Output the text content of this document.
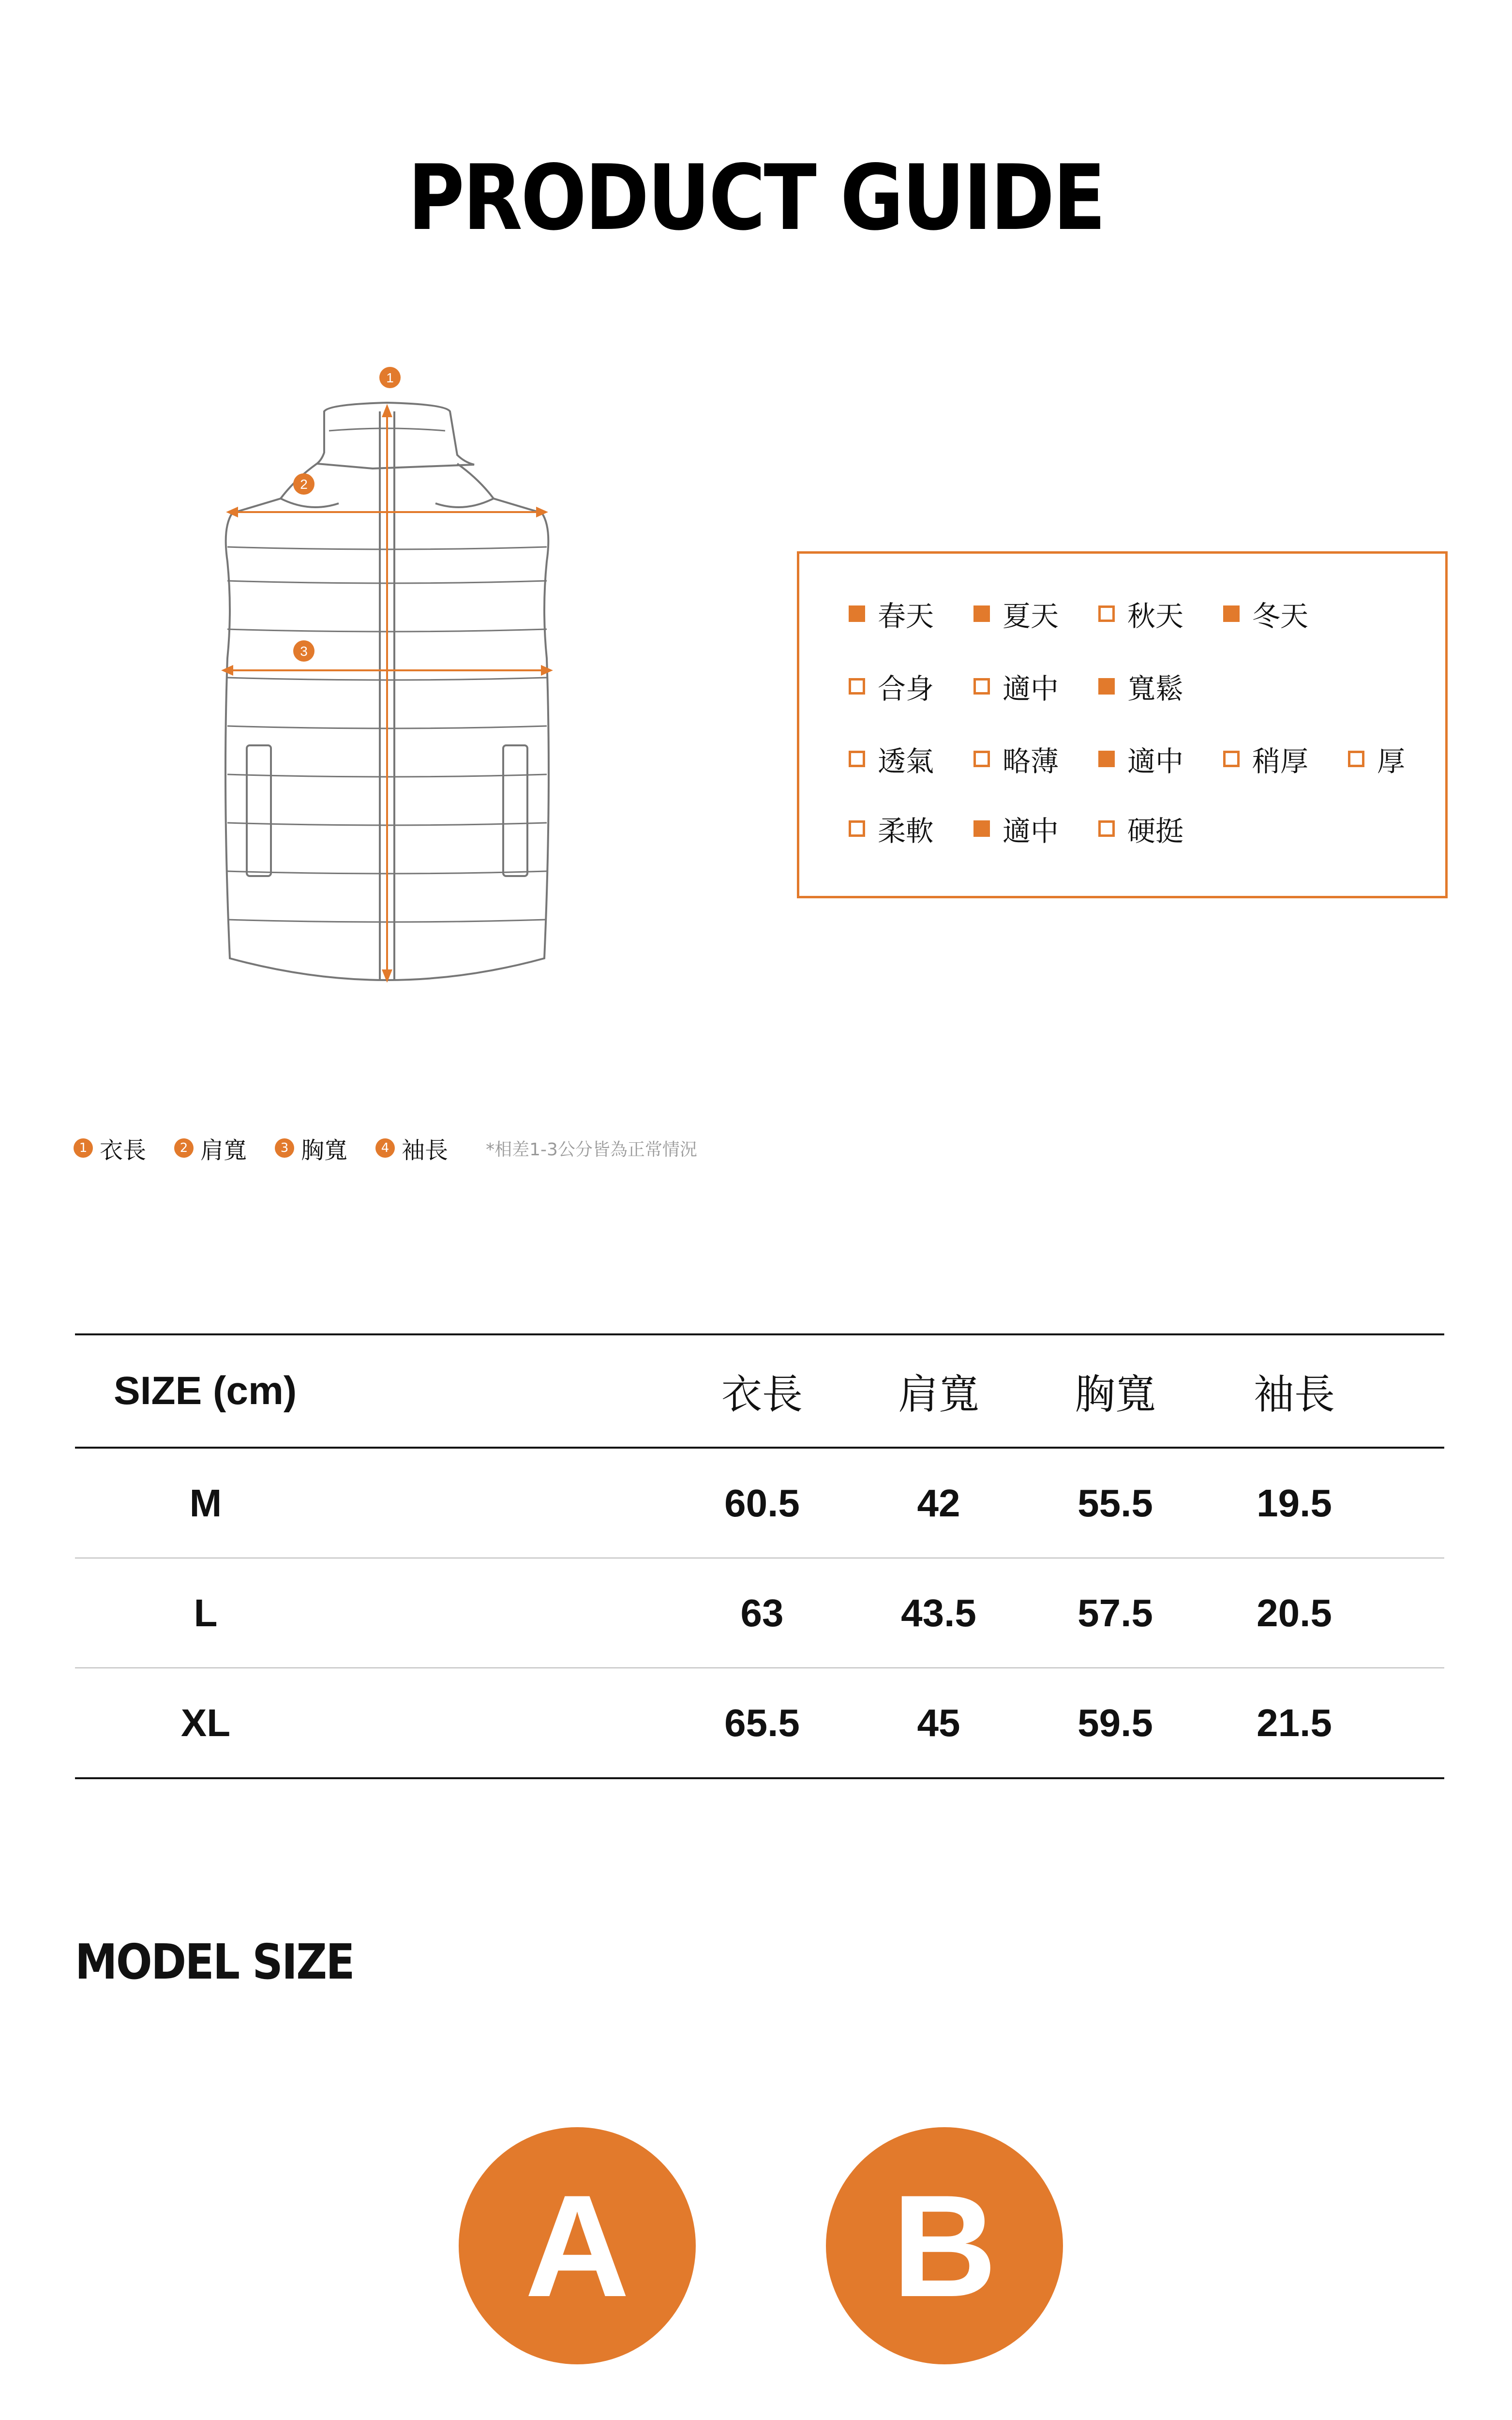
PRODUCT GUIDE
1
2
3
春天 夏天 秋天 冬天
合身 適中 寬鬆
透氣 略薄 適中 稍厚 厚
柔軟 適中 硬挺
1 衣長	2 肩寬	3 胸寬	4 袖長 *相差1-3公分皆為正常情況
SIZE (cm)	衣長	肩寬	胸寬	袖長
M	60.5	42	55.5	19.5
L	63	43.5	57.5	20.5
XL	65.5	45	59.5	21.5
MODEL SIZE
A	B
